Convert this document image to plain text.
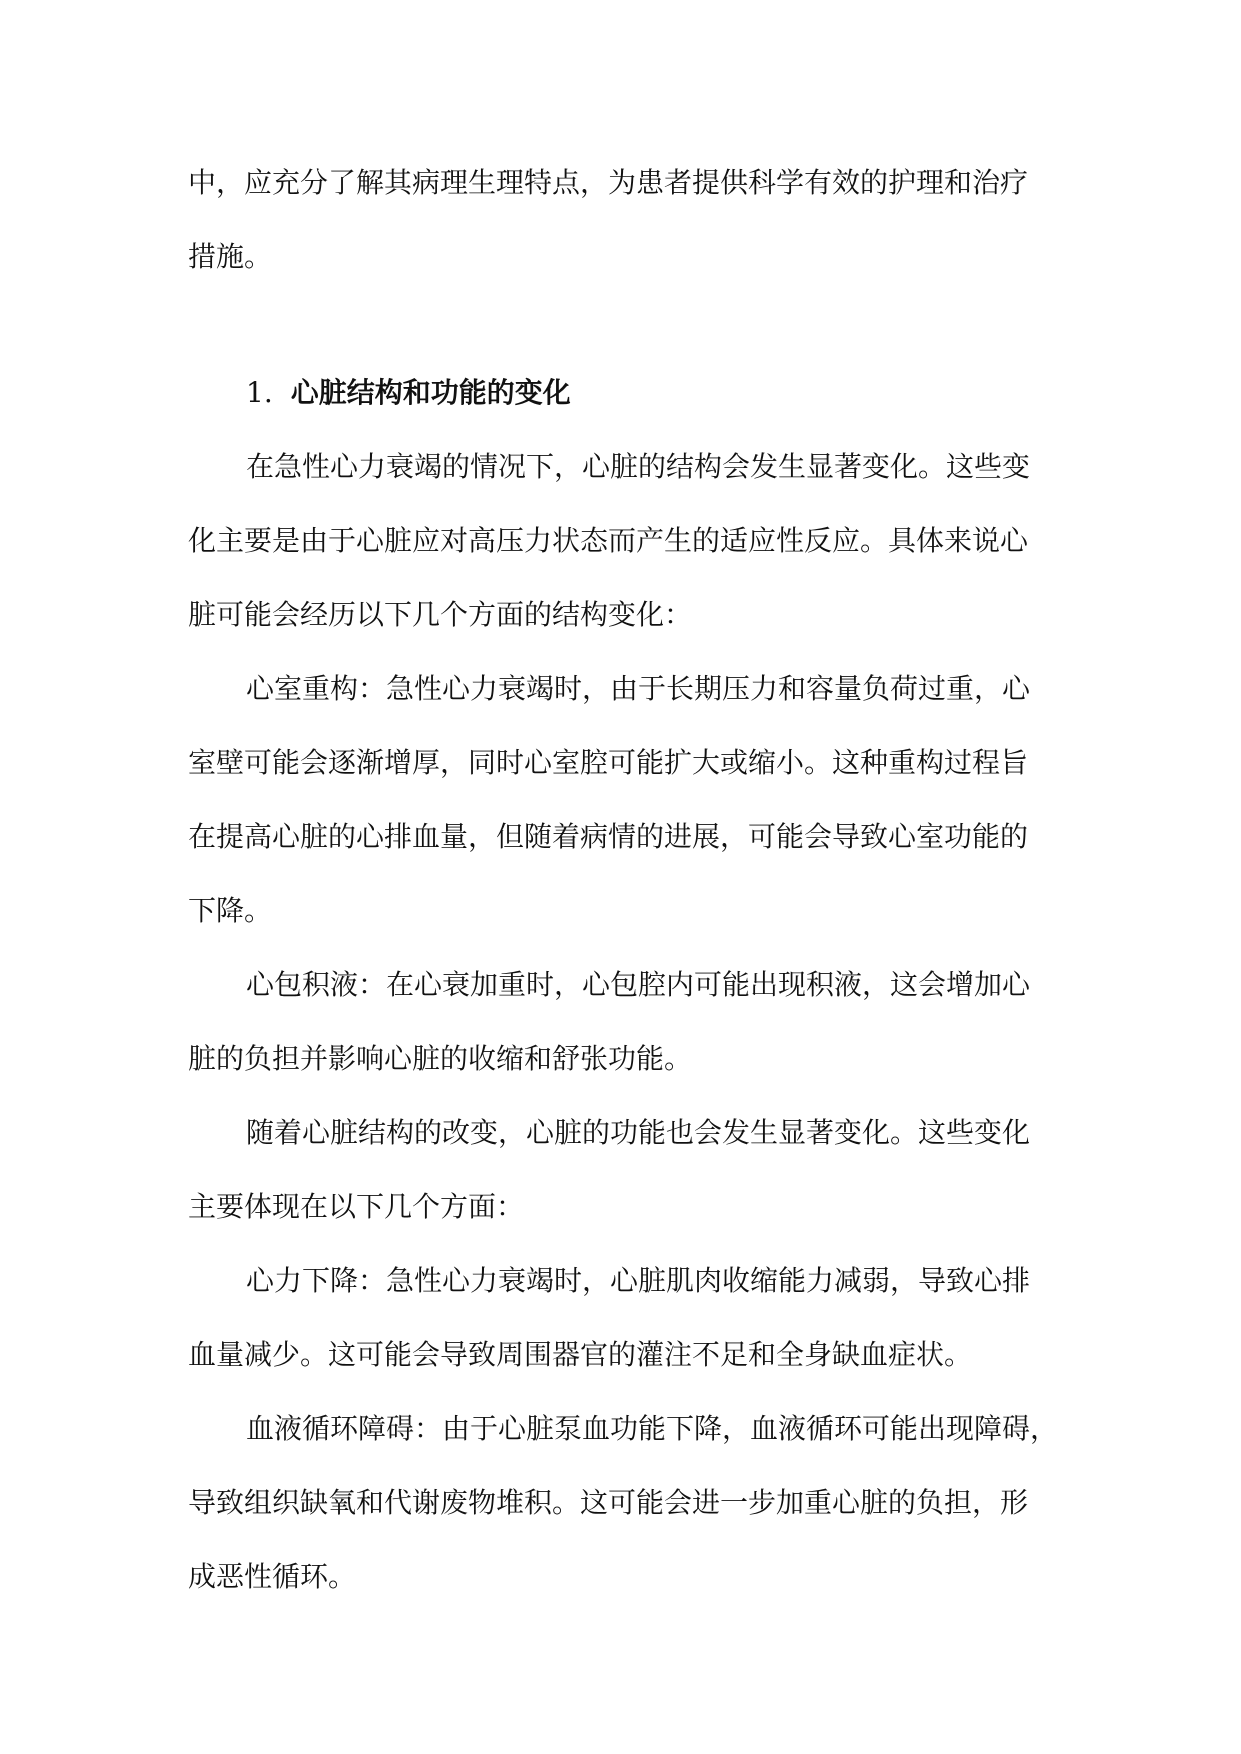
中，应充分了解其病理生理特点，为患者提供科学有效的护理和治疗
措施。
1. 心脏结构和功能的变化
在急性心力衰竭的情况下，心脏的结构会发生显著变化。这些变
化主要是由于心脏应对高压力状态而产生的适应性反应。具体来说心
脏可能会经历以下几个方面的结构变化：
心室重构：急性心力衰竭时，由于长期压力和容量负荷过重，心
室壁可能会逐渐增厚，同时心室腔可能扩大或缩小。这种重构过程旨
在提高心脏的心排血量，但随着病情的进展，可能会导致心室功能的
下降。
心包积液：在心衰加重时，心包腔内可能出现积液，这会增加心
脏的负担并影响心脏的收缩和舒张功能。
随着心脏结构的改变，心脏的功能也会发生显著变化。这些变化
主要体现在以下几个方面：
心力下降：急性心力衰竭时，心脏肌肉收缩能力减弱，导致心排
血量减少。这可能会导致周围器官的灌注不足和全身缺血症状。
血液循环障碍：由于心脏泵血功能下降，血液循环可能出现障碍，
导致组织缺氧和代谢废物堆积。这可能会进一步加重心脏的负担，形
成恶性循环。
